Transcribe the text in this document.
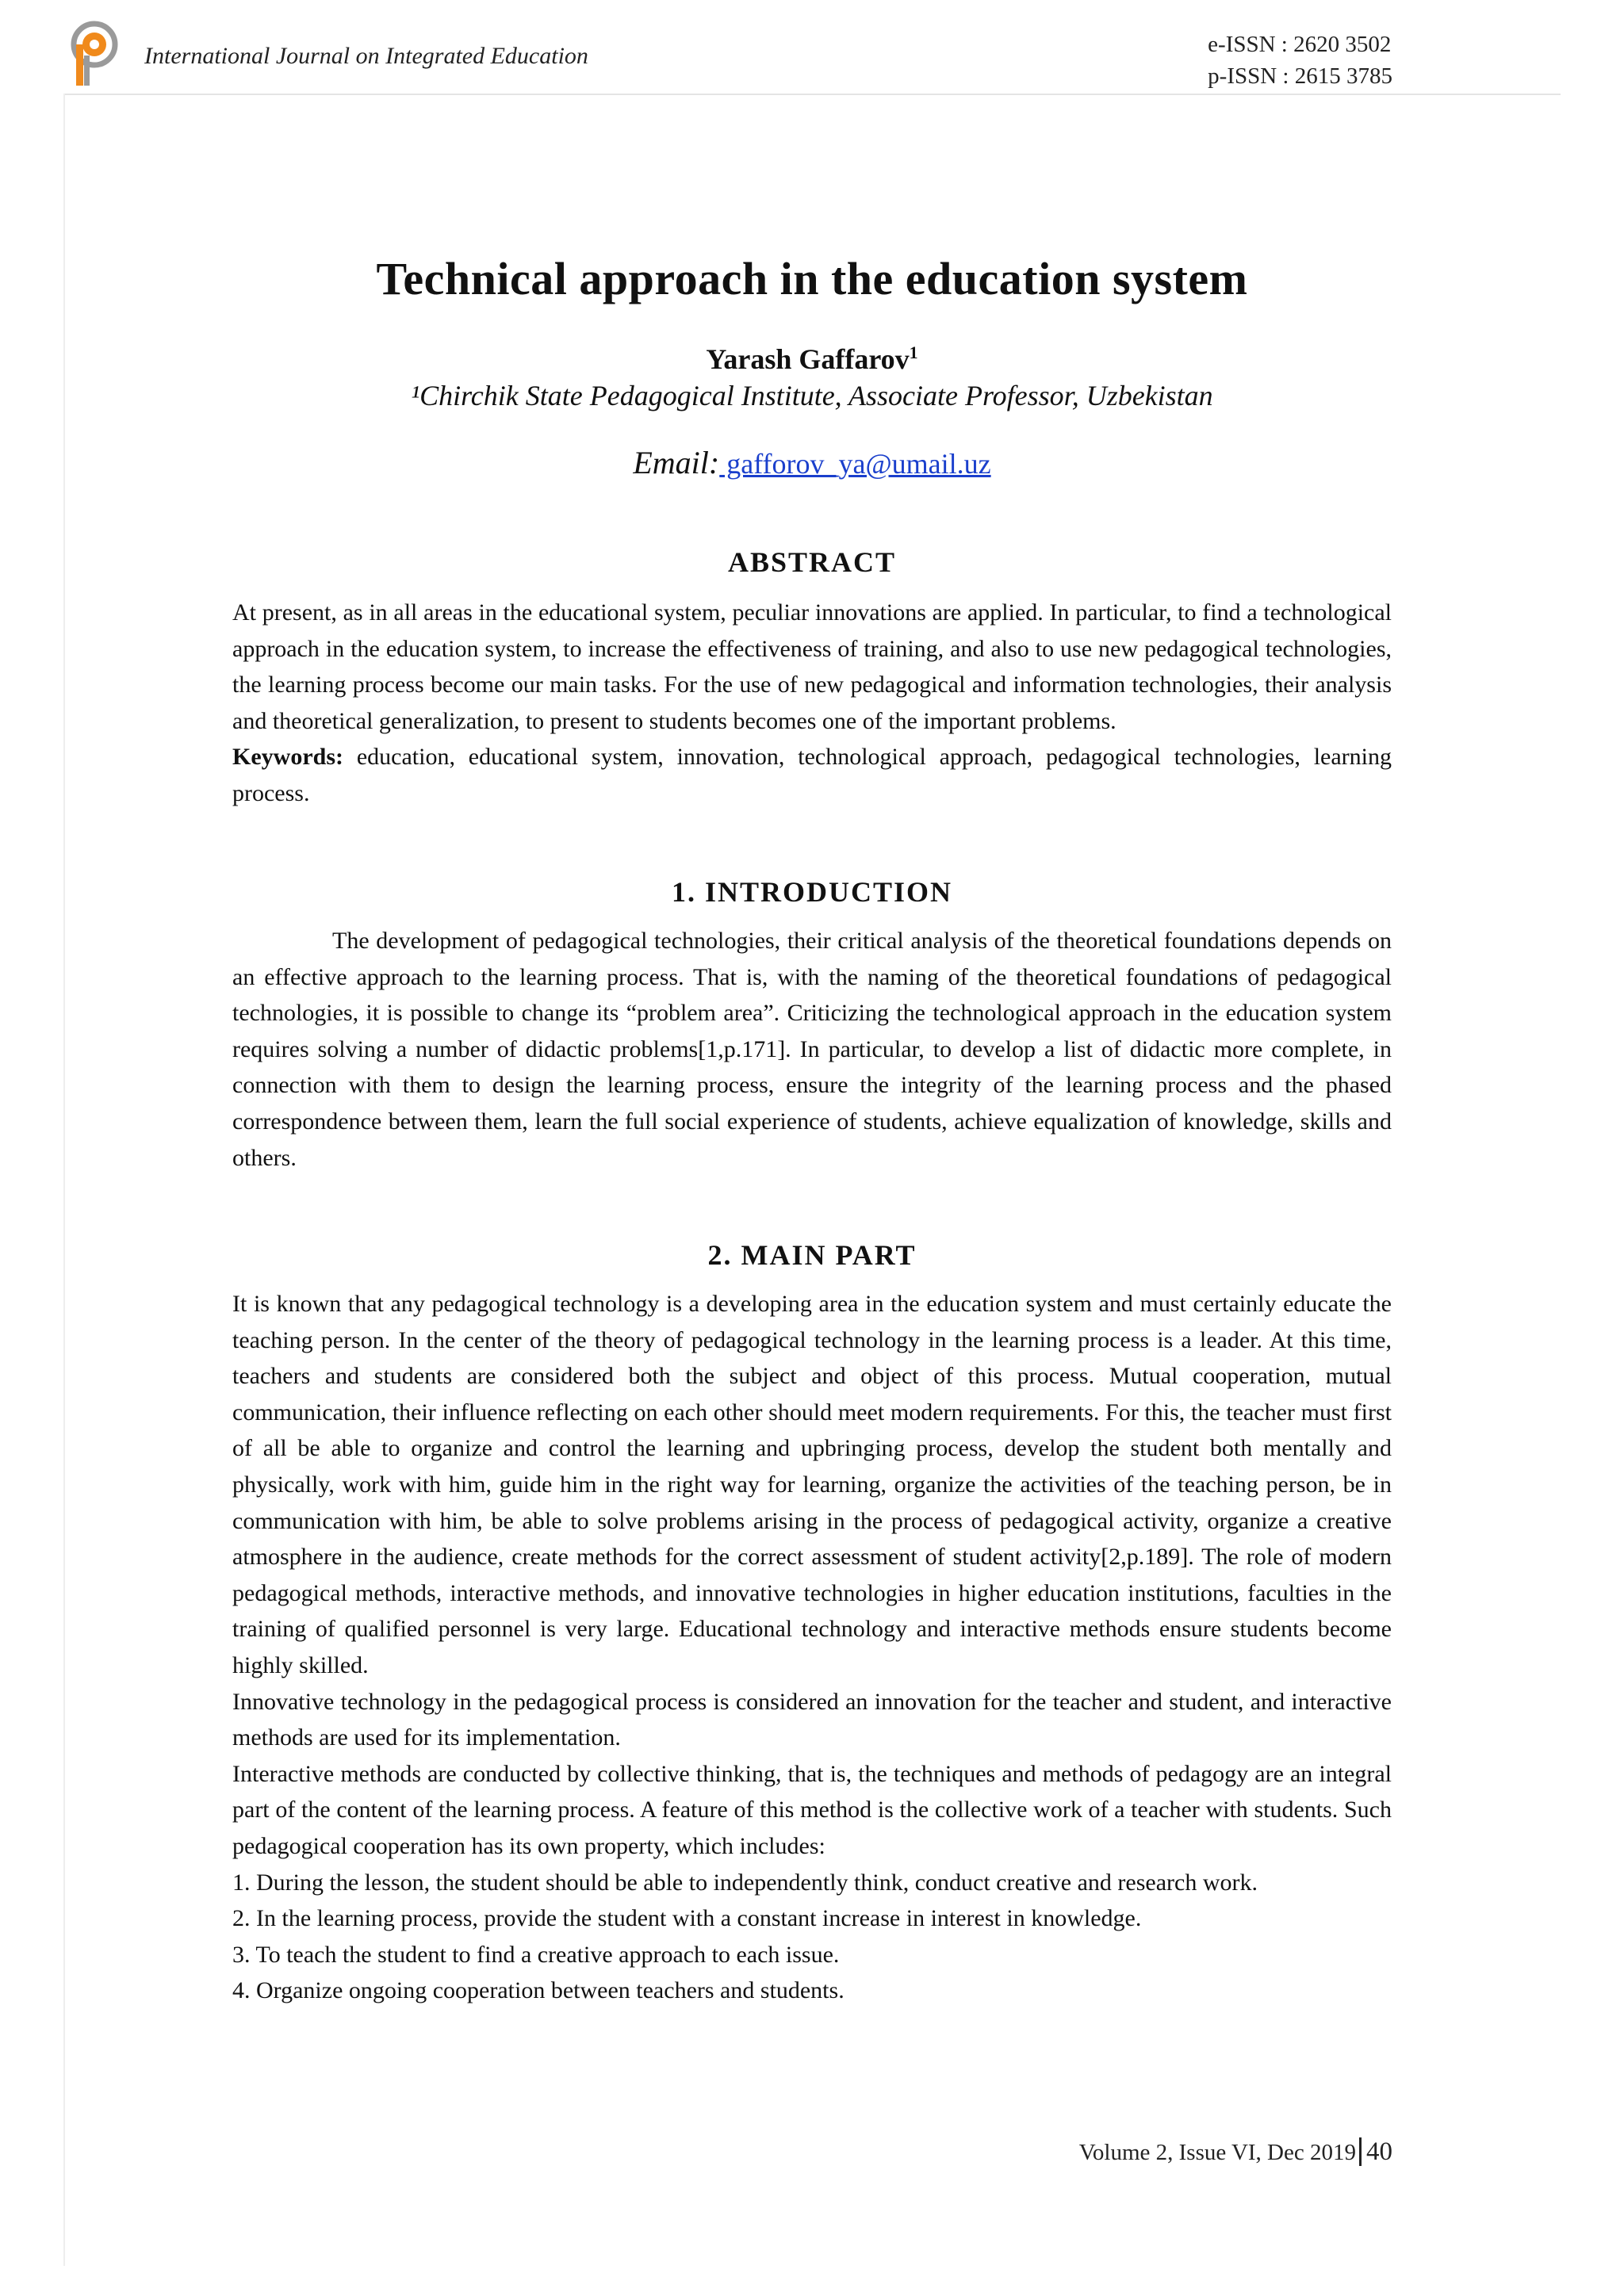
International Journal on Integrated Education	e-ISSN : 2620 3502
p-ISSN : 2615 3785
Technical approach in the education system
Yarash Gaffarov$^1$
¹Chirchik State Pedagogical Institute, Associate Professor, Uzbekistan
Email: gafforov_ya@umail.uz
ABSTRACT
At present, as in all areas in the educational system, peculiar innovations are applied. In particular, to find a technological approach in the education system, to increase the effectiveness of training, and also to use new pedagogical technologies, the learning process become our main tasks. For the use of new pedagogical and information technologies, their analysis and theoretical generalization, to present to students becomes one of the important problems.
Keywords: education, educational system, innovation, technological approach, pedagogical technologies, learning process.
1. INTRODUCTION
The development of pedagogical technologies, their critical analysis of the theoretical foundations depends on an effective approach to the learning process. That is, with the naming of the theoretical foundations of pedagogical technologies, it is possible to change its “problem area”. Criticizing the technological approach in the education system requires solving a number of didactic problems[1,p.171]. In particular, to develop a list of didactic more complete, in connection with them to design the learning process, ensure the integrity of the learning process and the phased correspondence between them, learn the full social experience of students, achieve equalization of knowledge, skills and others.
2. MAIN PART
It is known that any pedagogical technology is a developing area in the education system and must certainly educate the teaching person. In the center of the theory of pedagogical technology in the learning process is a leader. At this time, teachers and students are considered both the subject and object of this process. Mutual cooperation, mutual communication, their influence reflecting on each other should meet modern requirements. For this, the teacher must first of all be able to organize and control the learning and upbringing process, develop the student both mentally and physically, work with him, guide him in the right way for learning, organize the activities of the teaching person, be in communication with him, be able to solve problems arising in the process of pedagogical activity, organize a creative atmosphere in the audience, create methods for the correct assessment of student activity[2,p.189]. The role of modern pedagogical methods, interactive methods, and innovative technologies in higher education institutions, faculties in the training of qualified personnel is very large. Educational technology and interactive methods ensure students become highly skilled.
Innovative technology in the pedagogical process is considered an innovation for the teacher and student, and interactive methods are used for its implementation.
Interactive methods are conducted by collective thinking, that is, the techniques and methods of pedagogy are an integral part of the content of the learning process. A feature of this method is the collective work of a teacher with students. Such pedagogical cooperation has its own property, which includes:
1. During the lesson, the student should be able to independently think, conduct creative and research work.
2. In the learning process, provide the student with a constant increase in interest in knowledge.
3. To teach the student to find a creative approach to each issue.
4. Organize ongoing cooperation between teachers and students.
Volume 2, Issue VI, Dec 2019 40
